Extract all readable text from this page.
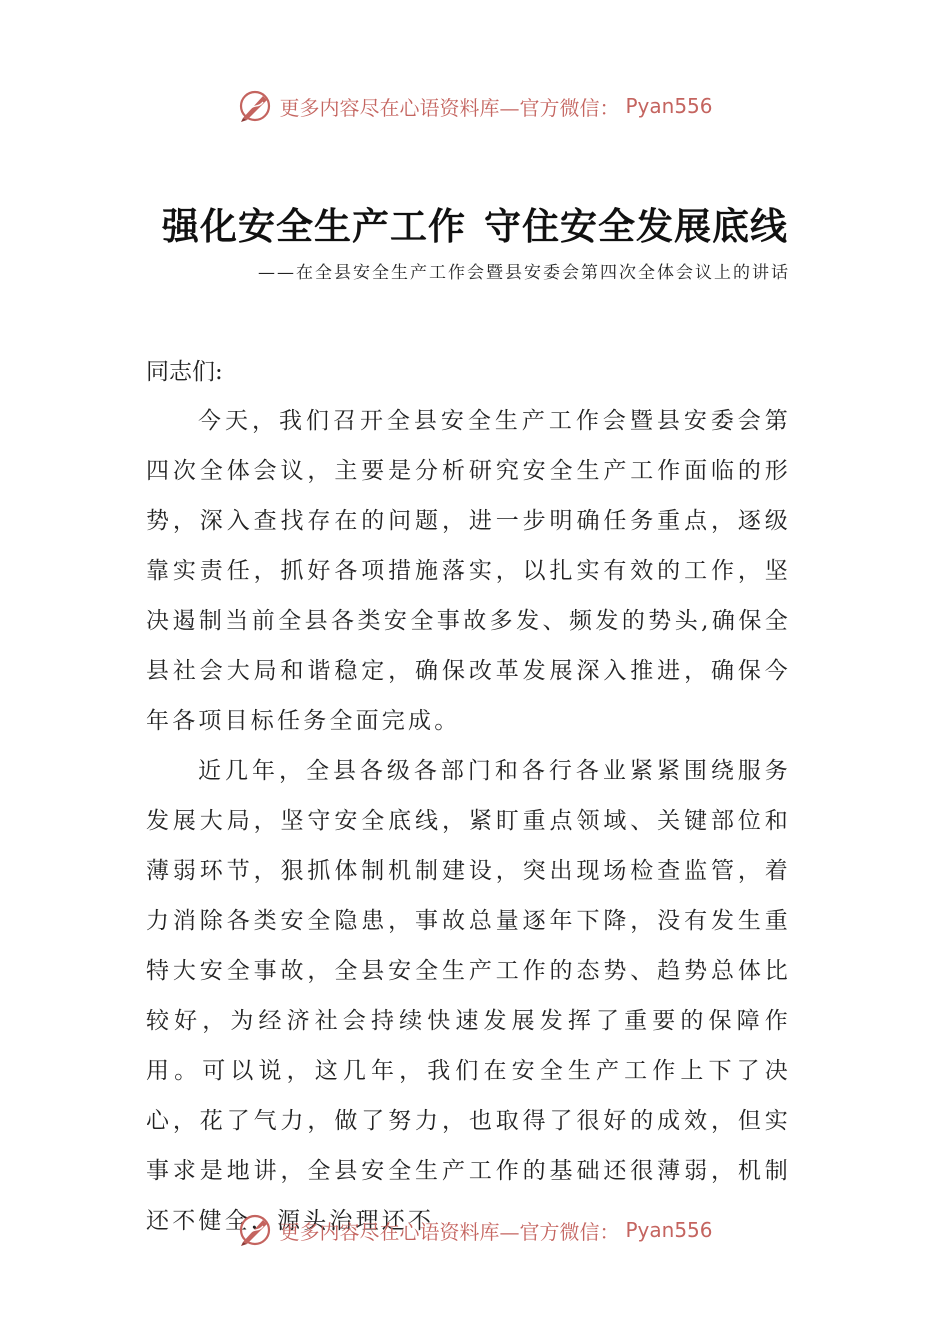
更多内容尽在心语资料库—官方微信： Pyan556
强化安全生产工作 守住安全发展底线
——在全县安全生产工作会暨县安委会第四次全体会议上的讲话
同志们:

今天，我们召开全县安全生产工作会暨县安委会第四次全体会议，主要是分析研究安全生产工作面临的形势，深入查找存在的问题，进一步明确任务重点，逐级靠实责任，抓好各项措施落实，以扎实有效的工作，坚决遏制当前全县各类安全事故多发、频发的势头,确保全县社会大局和谐稳定，确保改革发展深入推进，确保今年各项目标任务全面完成。

近几年，全县各级各部门和各行各业紧紧围绕服务发展大局，坚守安全底线，紧盯重点领域、关键部位和薄弱环节，狠抓体制机制建设，突出现场检查监管，着力消除各类安全隐患，事故总量逐年下降，没有发生重特大安全事故，全县安全生产工作的态势、趋势总体比较好，为经济社会持续快速发展发挥了重要的保障作用。可以说，这几年，我们在安全生产工作上下了决心，花了气力，做了努力，也取得了很好的成效，但实事求是地讲，全县安全生产工作的基础还很薄弱，机制还不健全，源头治理还不

更多内容尽在心语资料库—官方微信： Pyan556
